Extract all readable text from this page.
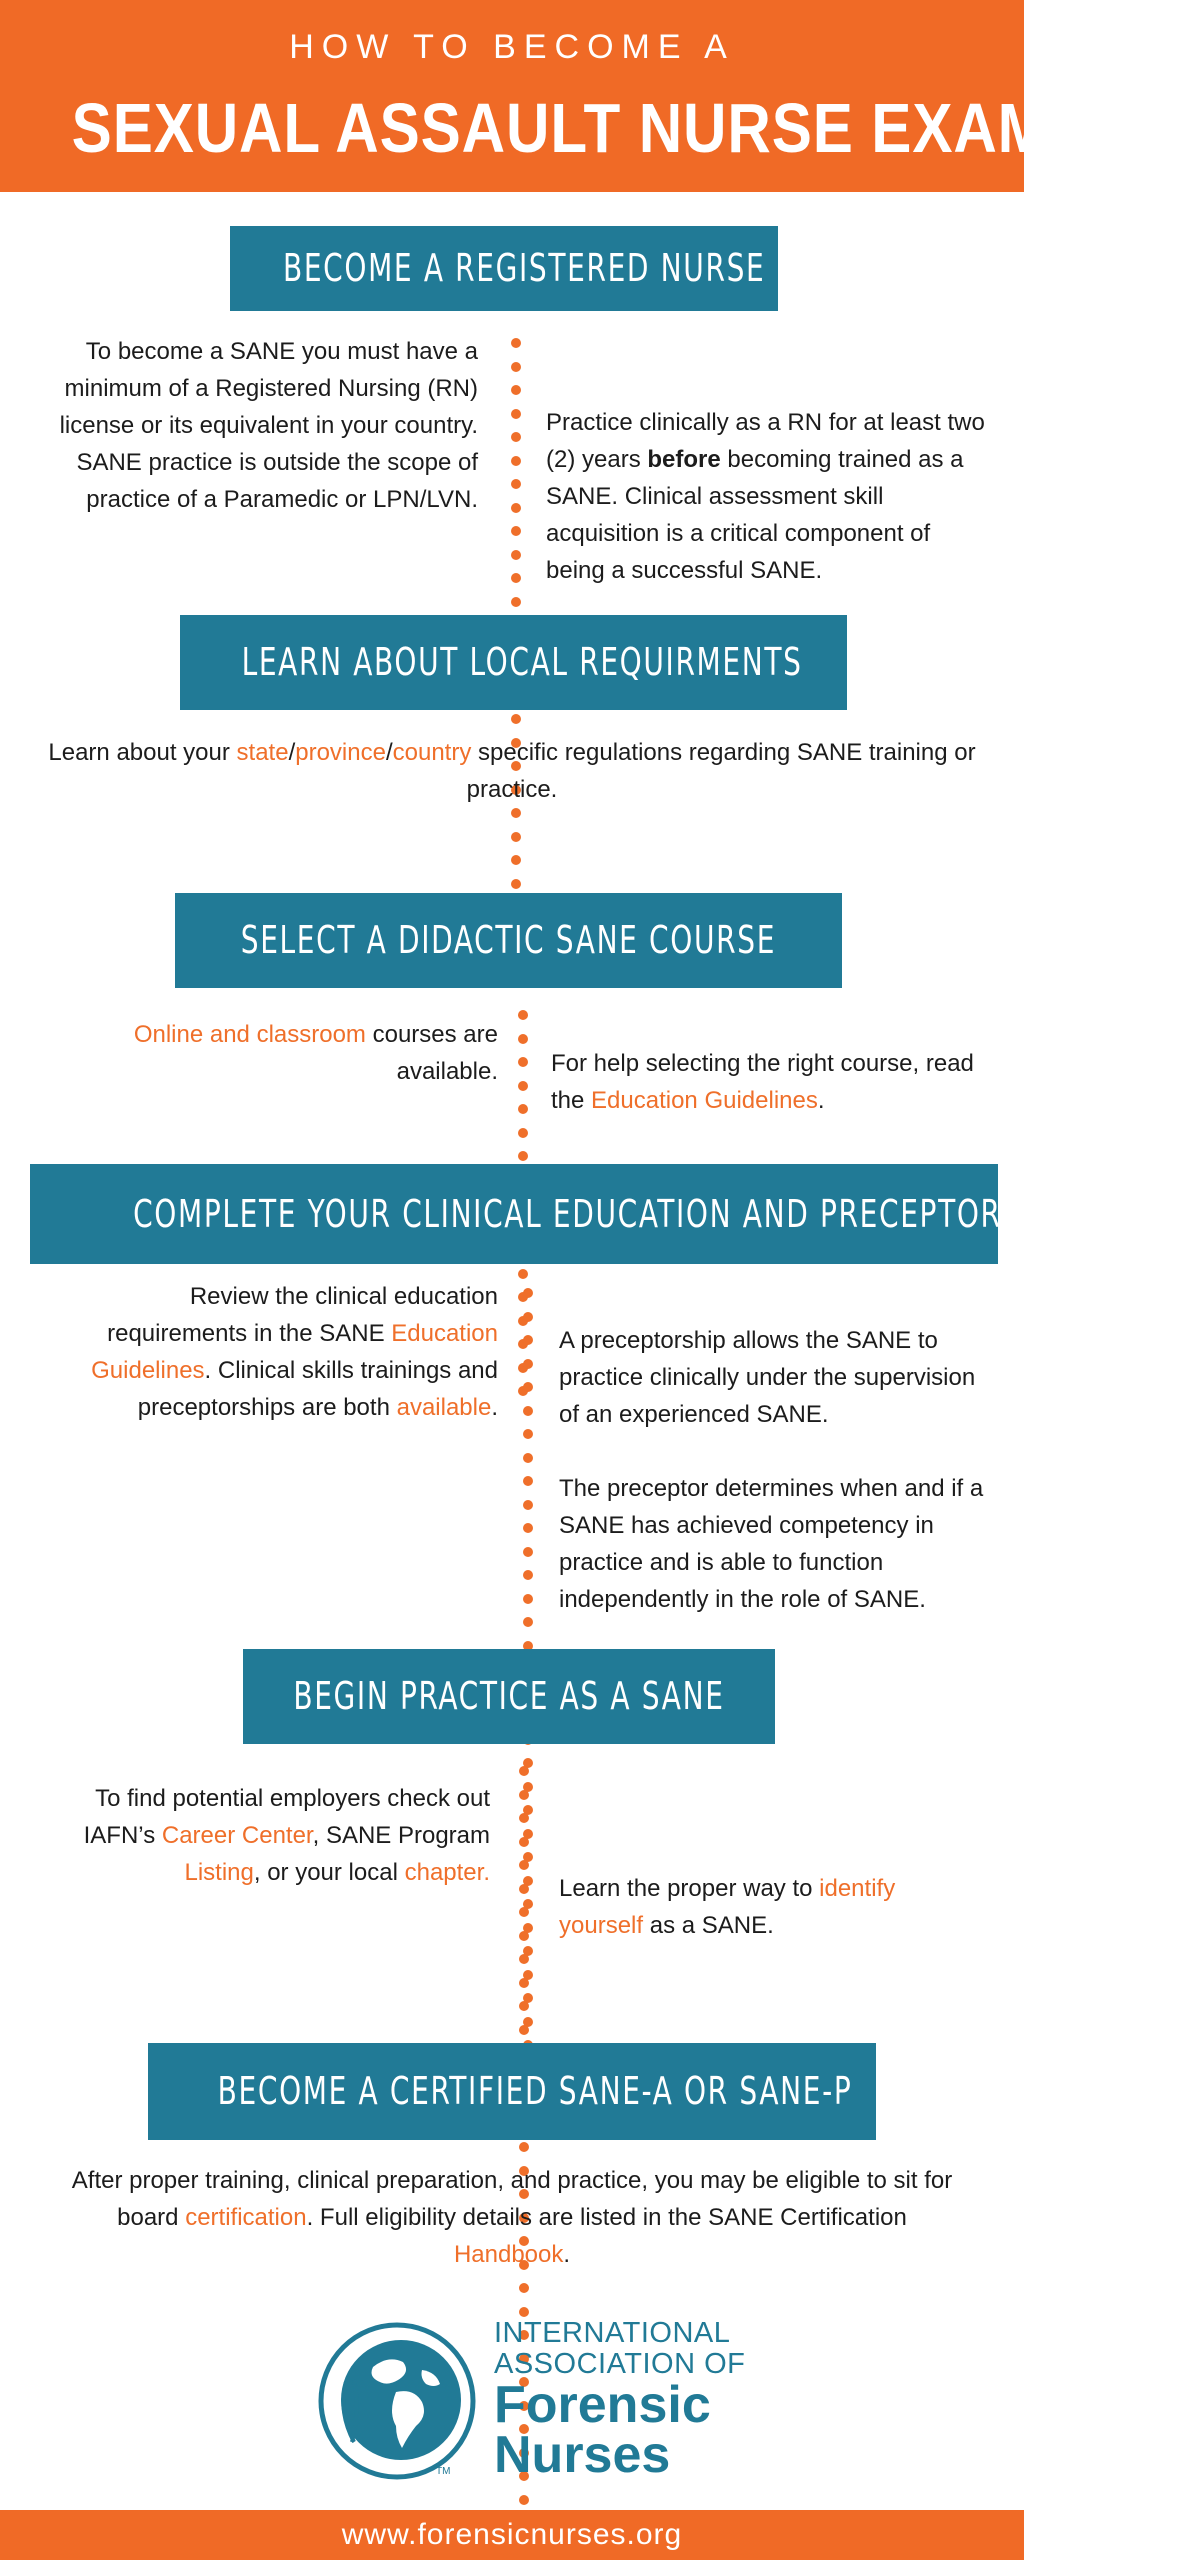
HOW TO BECOME A
SEXUAL ASSAULT NURSE EXAMINER
BECOME A REGISTERED NURSE
To become a SANE you must have a minimum of a Registered Nursing (RN) license or its equivalent in your country. SANE practice is outside the scope of practice of a Paramedic or LPN/LVN.
Practice clinically as a RN for at least two (2) years before becoming trained as a SANE. Clinical assessment skill acquisition is a critical component of being a successful SANE.
LEARN ABOUT LOCAL REQUIRMENTS
Learn about your state/province/country specific regulations regarding SANE training or practice.
SELECT A DIDACTIC SANE COURSE
Online and classroom courses are available. For help selecting the right course, read the Education Guidelines.
COMPLETE YOUR CLINICAL EDUCATION AND PRECEPTORSHIP
Review the clinical education requirements in the SANE Education Guidelines. Clinical skills trainings and preceptorships are both available.
A preceptorship allows the SANE to practice clinically under the supervision of an experienced SANE.
The preceptor determines when and if a SANE has achieved competency in practice and is able to function independently in the role of SANE.
BEGIN PRACTICE AS A SANE
To find potential employers check out IAFN’s Career Center, SANE Program Listing, or your local chapter.
Learn the proper way to identify yourself as a SANE.
BECOME A CERTIFIED SANE-A OR SANE-P
After proper training, clinical preparation, and practice, you may be eligible to sit for board certification. Full eligibility details are listed in the SANE Certification Handbook.
TM
INTERNATIONAL
ASSOCIATION OF
Forensic
Nurses
www.forensicnurses.org
